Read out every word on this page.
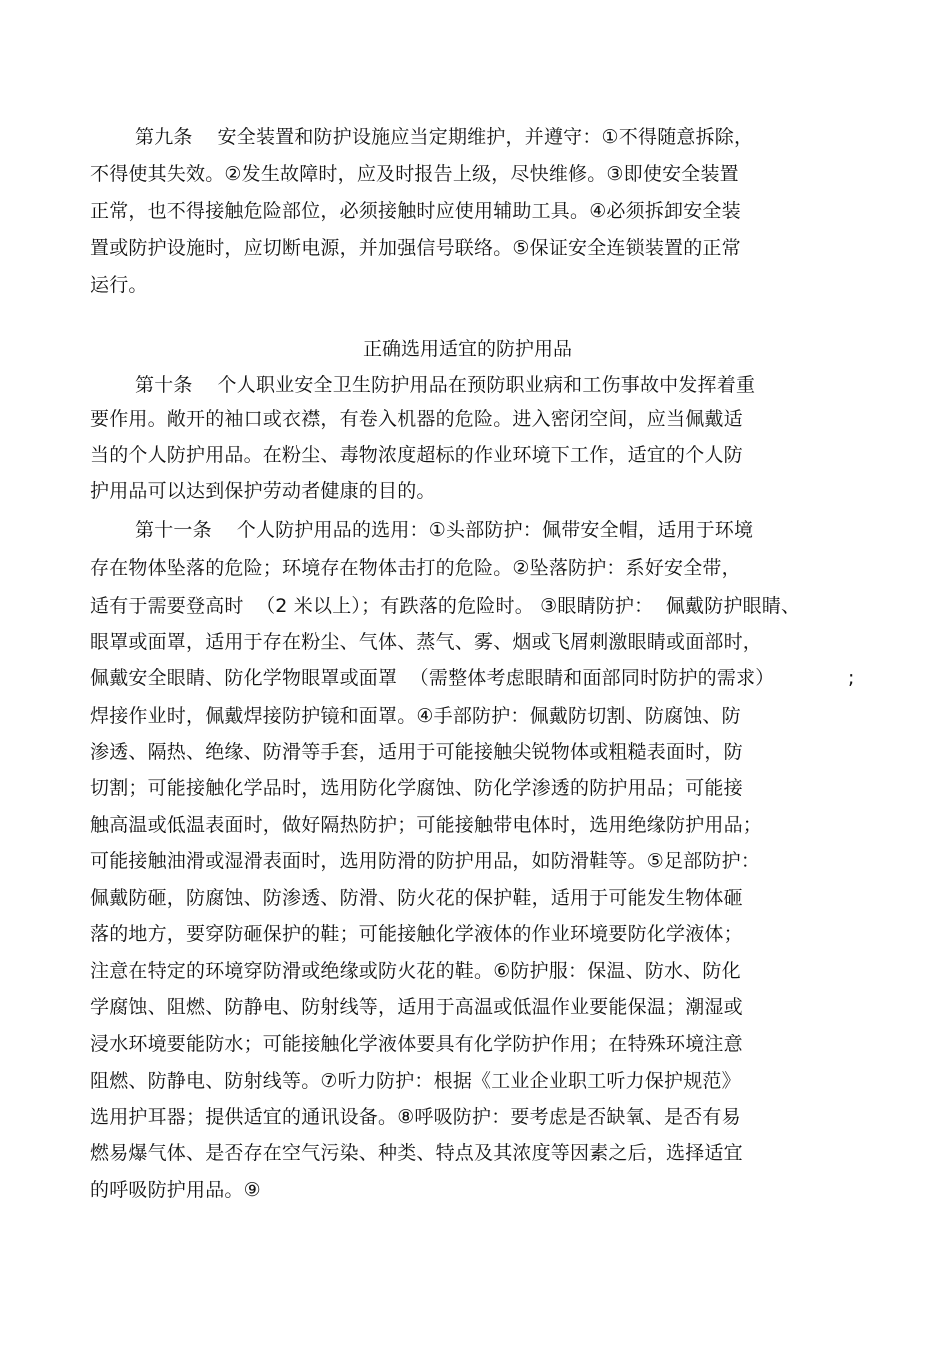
第九条    安全装置和防护设施应当定期维护，并遵守：①不得随意拆除，
不得使其失效。②发生故障时，应及时报告上级，尽快维修。③即使安全装置
正常，也不得接触危险部位，必须接触时应使用辅助工具。④必须拆卸安全装
置或防护设施时，应切断电源，并加强信号联络。⑤保证安全连锁装置的正常
运行。
正确选用适宜的防护用品
第十条    个人职业安全卫生防护用品在预防职业病和工伤事故中发挥着重
要作用。敞开的袖口或衣襟，有卷入机器的危险。进入密闭空间，应当佩戴适
当的个人防护用品。在粉尘、毒物浓度超标的作业环境下工作，适宜的个人防
护用品可以达到保护劳动者健康的目的。
第十一条    个人防护用品的选用：①头部防护：佩带安全帽，适用于环境
存在物体坠落的危险；环境存在物体击打的危险。②坠落防护：系好安全带，
适有于需要登高时  （2 米以上）；有跌落的危险时。 ③眼睛防护：  佩戴防护眼睛、
眼罩或面罩，适用于存在粉尘、气体、蒸气、雾、烟或飞屑刺激眼睛或面部时，
佩戴安全眼睛、防化学物眼罩或面罩  （需整体考虑眼睛和面部同时防护的需求）	;
焊接作业时，佩戴焊接防护镜和面罩。④手部防护：佩戴防切割、防腐蚀、防
渗透、隔热、绝缘、防滑等手套，适用于可能接触尖锐物体或粗糙表面时，防
切割；可能接触化学品时，选用防化学腐蚀、防化学渗透的防护用品；可能接
触高温或低温表面时，做好隔热防护；可能接触带电体时，选用绝缘防护用品；
可能接触油滑或湿滑表面时，选用防滑的防护用品，如防滑鞋等。⑤足部防护：
佩戴防砸，防腐蚀、防渗透、防滑、防火花的保护鞋，适用于可能发生物体砸
落的地方，要穿防砸保护的鞋；可能接触化学液体的作业环境要防化学液体；
注意在特定的环境穿防滑或绝缘或防火花的鞋。⑥防护服：保温、防水、防化
学腐蚀、阻燃、防静电、防射线等，适用于高温或低温作业要能保温；潮湿或
浸水环境要能防水；可能接触化学液体要具有化学防护作用；在特殊环境注意
阻燃、防静电、防射线等。⑦听力防护：根据《工业企业职工听力保护规范》
选用护耳器；提供适宜的通讯设备。⑧呼吸防护：要考虑是否缺氧、是否有易
燃易爆气体、是否存在空气污染、种类、特点及其浓度等因素之后，选择适宜
的呼吸防护用品。⑨
